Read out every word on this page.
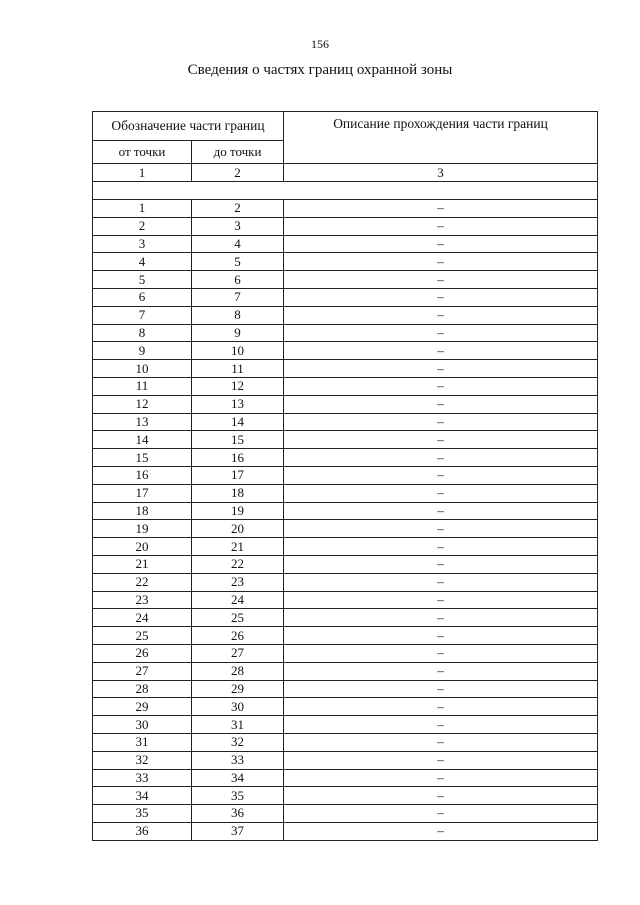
156
Сведения о частях границ охранной зоны
Обозначение части границ		Описание прохождения части границ
от точки	до точки	
1	2	3

1	2	–
2	3	–
3	4	–
4	5	–
5	6	–
6	7	–
7	8	–
8	9	–
9	10	–
10	11	–
11	12	–
12	13	–
13	14	–
14	15	–
15	16	–
16	17	–
17	18	–
18	19	–
19	20	–
20	21	–
21	22	–
22	23	–
23	24	–
24	25	–
25	26	–
26	27	–
27	28	–
28	29	–
29	30	–
30	31	–
31	32	–
32	33	–
33	34	–
34	35	–
35	36	–
36	37	–
